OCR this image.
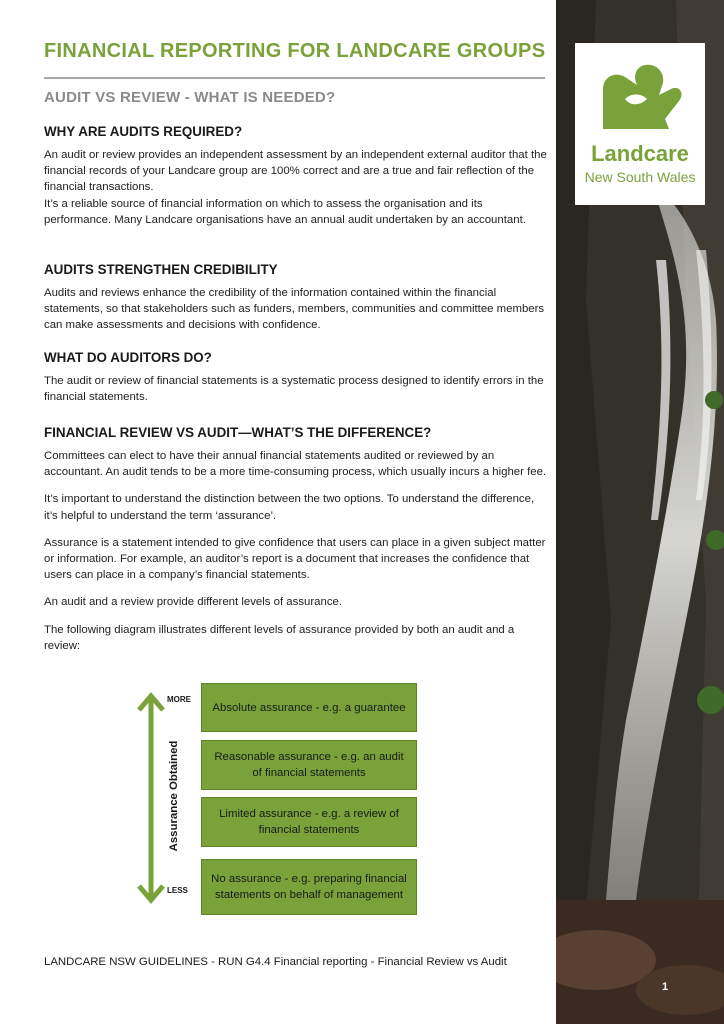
FINANCIAL REPORTING FOR LANDCARE GROUPS
AUDIT VS REVIEW - WHAT IS NEEDED?
WHY ARE AUDITS REQUIRED?

An audit or review provides an independent assessment by an independent external auditor that the financial records of your Landcare group are 100% correct and are a true and fair reflection of the financial transactions.

It’s a reliable source of financial information on which to assess the organisation and its performance. Many Landcare organisations have an annual audit undertaken by an accountant.

AUDITS STRENGTHEN CREDIBILITY

Audits and reviews enhance the credibility of the information contained within the financial statements, so that stakeholders such as funders, members, communities and committee members can make assessments and decisions with confidence.

WHAT DO AUDITORS DO?

The audit or review of financial statements is a systematic process designed to identify errors in the financial statements.

FINANCIAL REVIEW VS AUDIT—WHAT’S THE DIFFERENCE?

Committees can elect to have their annual financial statements audited or reviewed by an accountant. An audit tends to be a more time-consuming process, which usually incurs a higher fee.

It’s important to understand the distinction between the two options. To understand the difference, it’s helpful to understand the term ‘assurance’.

Assurance is a statement intended to give confidence that users can place in a given subject matter or information. For example, an auditor’s report is a document that increases the confidence that users can place in a company’s financial statements.

An audit and a review provide different levels of assurance.

The following diagram illustrates different levels of assurance provided by both an audit and a review:

MORE
LESS
Assurance Obtained
Absolute assurance - e.g. a guarantee
Reasonable assurance - e.g. an audit of financial statements
Limited assurance - e.g. a review of financial statements
No assurance - e.g. preparing financial statements on behalf of management
LANDCARE NSW GUIDELINES - RUN G4.4 Financial reporting - Financial Review vs Audit
Landcare
New South Wales
1
